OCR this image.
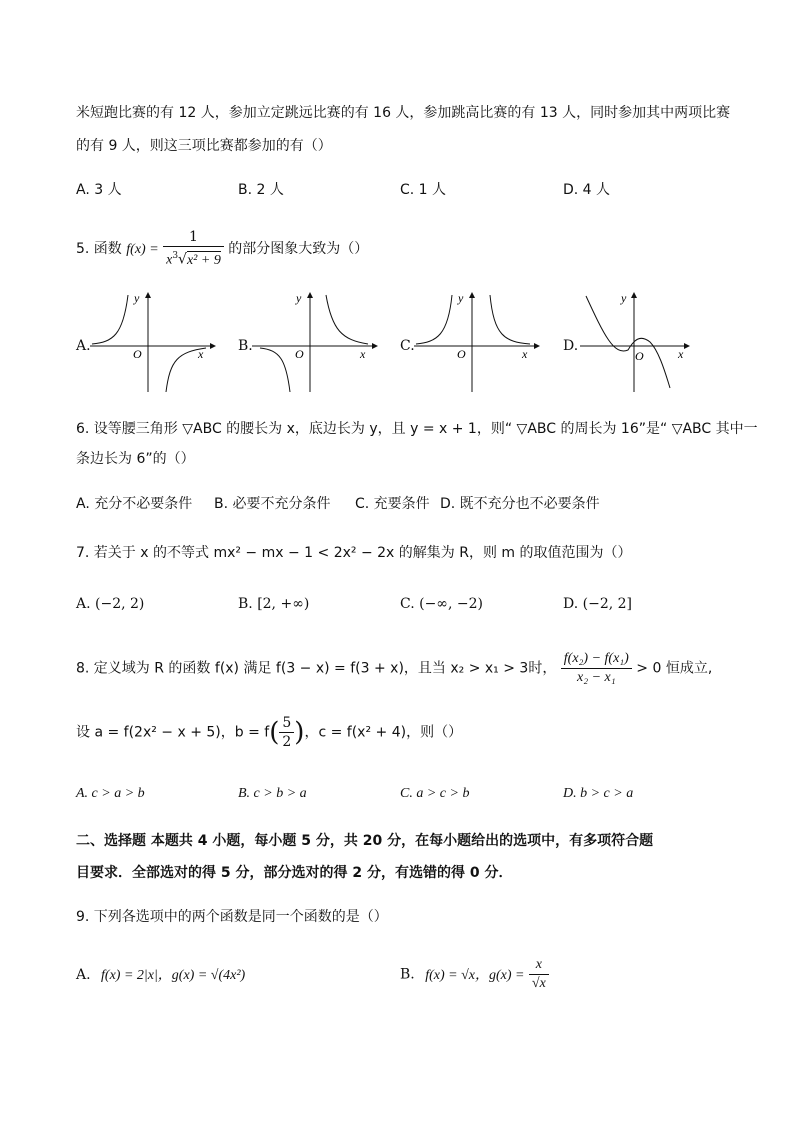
米短跑比赛的有 12 人，参加立定跳远比赛的有 16 人，参加跳高比赛的有 13 人，同时参加其中两项比赛
的有 9 人，则这三项比赛都参加的有（）
A. 3 人	B. 2 人	C. 1 人	D. 4 人
5. 函数 $f(x) = \frac{1}{x^3√x^2 + 9}$ 的部分图象大致为（）
A.	B.	C.	D.
y
x
O
y
x
O
y
x
O
y
x
O
6. 设等腰三角形 ▽ABC 的腰长为 x，底边长为 y，且 y = x + 1，则“ ▽ABC 的周长为 16”是“ ▽ABC 其中一
条边长为 6”的（）
A. 充分不必要条件 B. 必要不充分条件 C. 充要条件 D. 既不充分也不必要条件
7. 若关于 x 的不等式 mx² − mx − 1 < 2x² − 2x 的解集为 R，则 m 的取值范围为（）
A. (−2, 2)	B. [2, +∞)	C. (−∞, −2)	D. (−2, 2]
8. 定义域为 R 的函数 f(x) 满足 f(3 − x) = f(3 + x)，且当 x₂ > x₁ > 3时， $\frac{\text{f(x₂) − f(x₁)}}{\text{x₂ − x₁}} > 0$ 恒成立,
设 a = f(2x² − x + 5)，$b = f( \frac{5}{2}$ )，c = f(x² + 4)，则（）
A. c > a > b	B. c > b > a	C. a > c > b	D. b > c > a
二、选择题 本题共 4 小题，每小题 5 分，共 20 分，在每小题给出的选项中，有多项符合题
目要求．全部选对的得 5 分，部分选对的得 2 分，有选错的得 0 分．
9. 下列各选项中的两个函数是同一个函数的是（）
A. f(x) = 2|x|，g(x) = √(4x²)	B. f(x) = √x，$g(x) = \frac{x}{√x}$
